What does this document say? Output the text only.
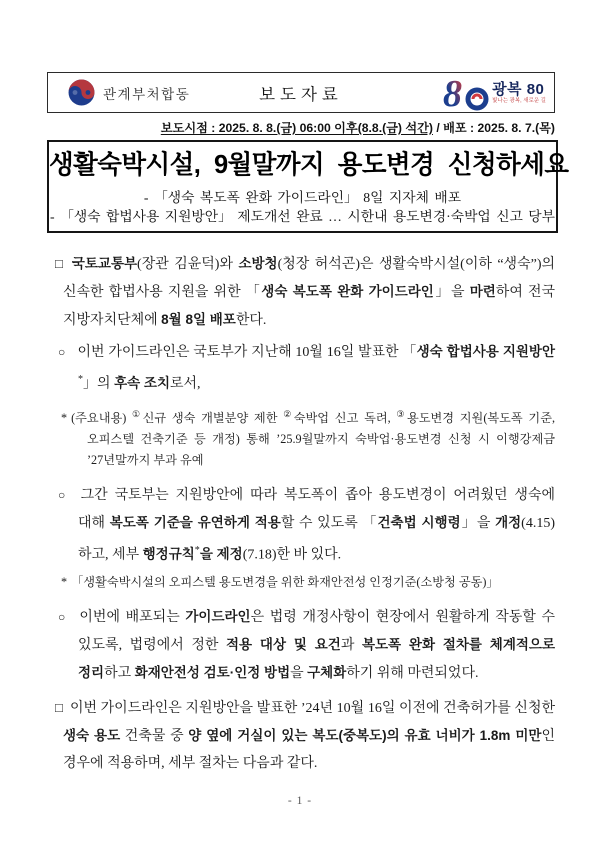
관계부처합동	보도자료	8 광복 80
빛나는 광복, 새로운 길
보도시점 : 2025. 8. 8.(금) 06:00 이후(8.8.(금) 석간) / 배포 : 2025. 8. 7.(목)
생활숙박시설, 9월말까지 용도변경 신청하세요
- 「생숙 복도폭 완화 가이드라인」 8일 지자체 배포
- 「생숙 합법사용 지원방안」 제도개선 완료 … 시한내 용도변경·숙박업 신고 당부
□ 국토교통부(장관 김윤덕)와 소방청(청장 허석곤)은 생활숙박시설(이하 “생숙”)의 신속한 합법사용 지원을 위한 「생숙 복도폭 완화 가이드라인」을 마련하여 전국 지방자치단체에 8월 8일 배포한다.
○ 이번 가이드라인은 국토부가 지난해 10월 16일 발표한 「생숙 합법사용 지원방안*」의 후속 조치로서,
* (주요내용) ①신규 생숙 개별분양 제한 ②숙박업 신고 독려, ③용도변경 지원(복도폭 기준, 오피스텔 건축기준 등 개정) 통해 ’25.9월말까지 숙박업·용도변경 신청 시 이행강제금 ’27년말까지 부과 유예
○ 그간 국토부는 지원방안에 따라 복도폭이 좁아 용도변경이 어려웠던 생숙에 대해 복도폭 기준을 유연하게 적용할 수 있도록 「건축법 시행령」을 개정(4.15)하고, 세부 행정규칙*을 제정(7.18)한 바 있다.
* 「생활숙박시설의 오피스텔 용도변경을 위한 화재안전성 인정기준(소방청 공동)」
○ 이번에 배포되는 가이드라인은 법령 개정사항이 현장에서 원활하게 작동할 수 있도록, 법령에서 정한 적용 대상 및 요건과 복도폭 완화 절차를 체계적으로 정리하고 화재안전성 검토·인정 방법을 구체화하기 위해 마련되었다.
□ 이번 가이드라인은 지원방안을 발표한 ’24년 10월 16일 이전에 건축허가를 신청한 생숙 용도 건축물 중 양 옆에 거실이 있는 복도(중복도)의 유효 너비가 1.8m 미만인 경우에 적용하며, 세부 절차는 다음과 같다.
- 1 -
